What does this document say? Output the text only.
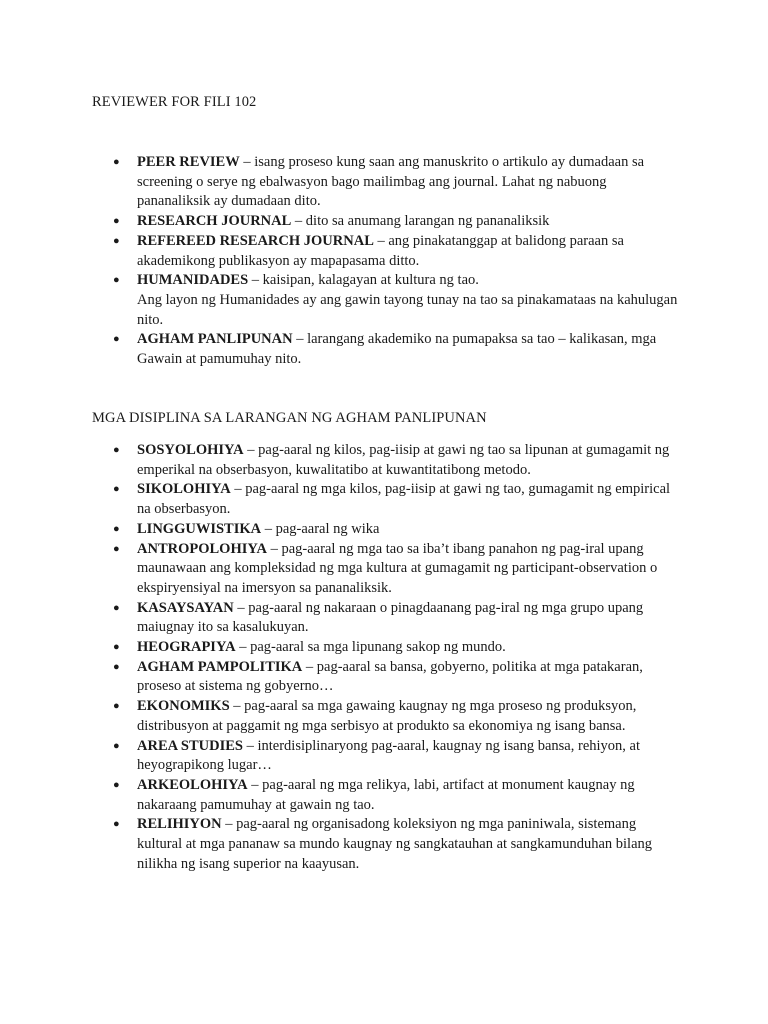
REVIEWER FOR FILI 102
● PEER REVIEW – isang proseso kung saan ang manuskrito o artikulo ay dumadaan sa screening o serye ng ebalwasyon bago mailimbag ang journal. Lahat ng nabuong pananaliksik ay dumadaan dito.
● RESEARCH JOURNAL – dito sa anumang larangan ng pananaliksik
● REFEREED RESEARCH JOURNAL – ang pinakatanggap at balidong paraan sa akademikong publikasyon ay mapapasama ditto.
● HUMANIDADES – kaisipan, kalagayan at kultura ng tao.
Ang layon ng Humanidades ay ang gawin tayong tunay na tao sa pinakamataas na kahulugan nito.
● AGHAM PANLIPUNAN – larangang akademiko na pumapaksa sa tao – kalikasan, mga Gawain at pamumuhay nito.
MGA DISIPLINA SA LARANGAN NG AGHAM PANLIPUNAN
● SOSYOLOHIYA – pag-aaral ng kilos, pag-iisip at gawi ng tao sa lipunan at gumagamit ng emperikal na obserbasyon, kuwalitatibo at kuwantitatibong metodo.
● SIKOLOHIYA – pag-aaral ng mga kilos, pag-iisip at gawi ng tao, gumagamit ng empirical na obserbasyon.
● LINGGUWISTIKA – pag-aaral ng wika
● ANTROPOLOHIYA – pag-aaral ng mga tao sa iba’t ibang panahon ng pag-iral upang maunawaan ang kompleksidad ng mga kultura at gumagamit ng participant-observation o ekspiryensiyal na imersyon sa pananaliksik.
● KASAYSAYAN – pag-aaral ng nakaraan o pinagdaanang pag-iral ng mga grupo upang maiugnay ito sa kasalukuyan.
● HEOGRAPIYA – pag-aaral sa mga lipunang sakop ng mundo.
● AGHAM PAMPOLITIKA – pag-aaral sa bansa, gobyerno, politika at mga patakaran, proseso at sistema ng gobyerno…
● EKONOMIKS – pag-aaral sa mga gawaing kaugnay ng mga proseso ng produksyon, distribusyon at paggamit ng mga serbisyo at produkto sa ekonomiya ng isang bansa.
● AREA STUDIES – interdisiplinaryong pag-aaral, kaugnay ng isang bansa, rehiyon, at heyograpikong lugar…
● ARKEOLOHIYA – pag-aaral ng mga relikya, labi, artifact at monument kaugnay ng nakaraang pamumuhay at gawain ng tao.
● RELIHIYON – pag-aaral ng organisadong koleksiyon ng mga paniniwala, sistemang kultural at mga pananaw sa mundo kaugnay ng sangkatauhan at sangkamunduhan bilang nilikha ng isang superior na kaayusan.
